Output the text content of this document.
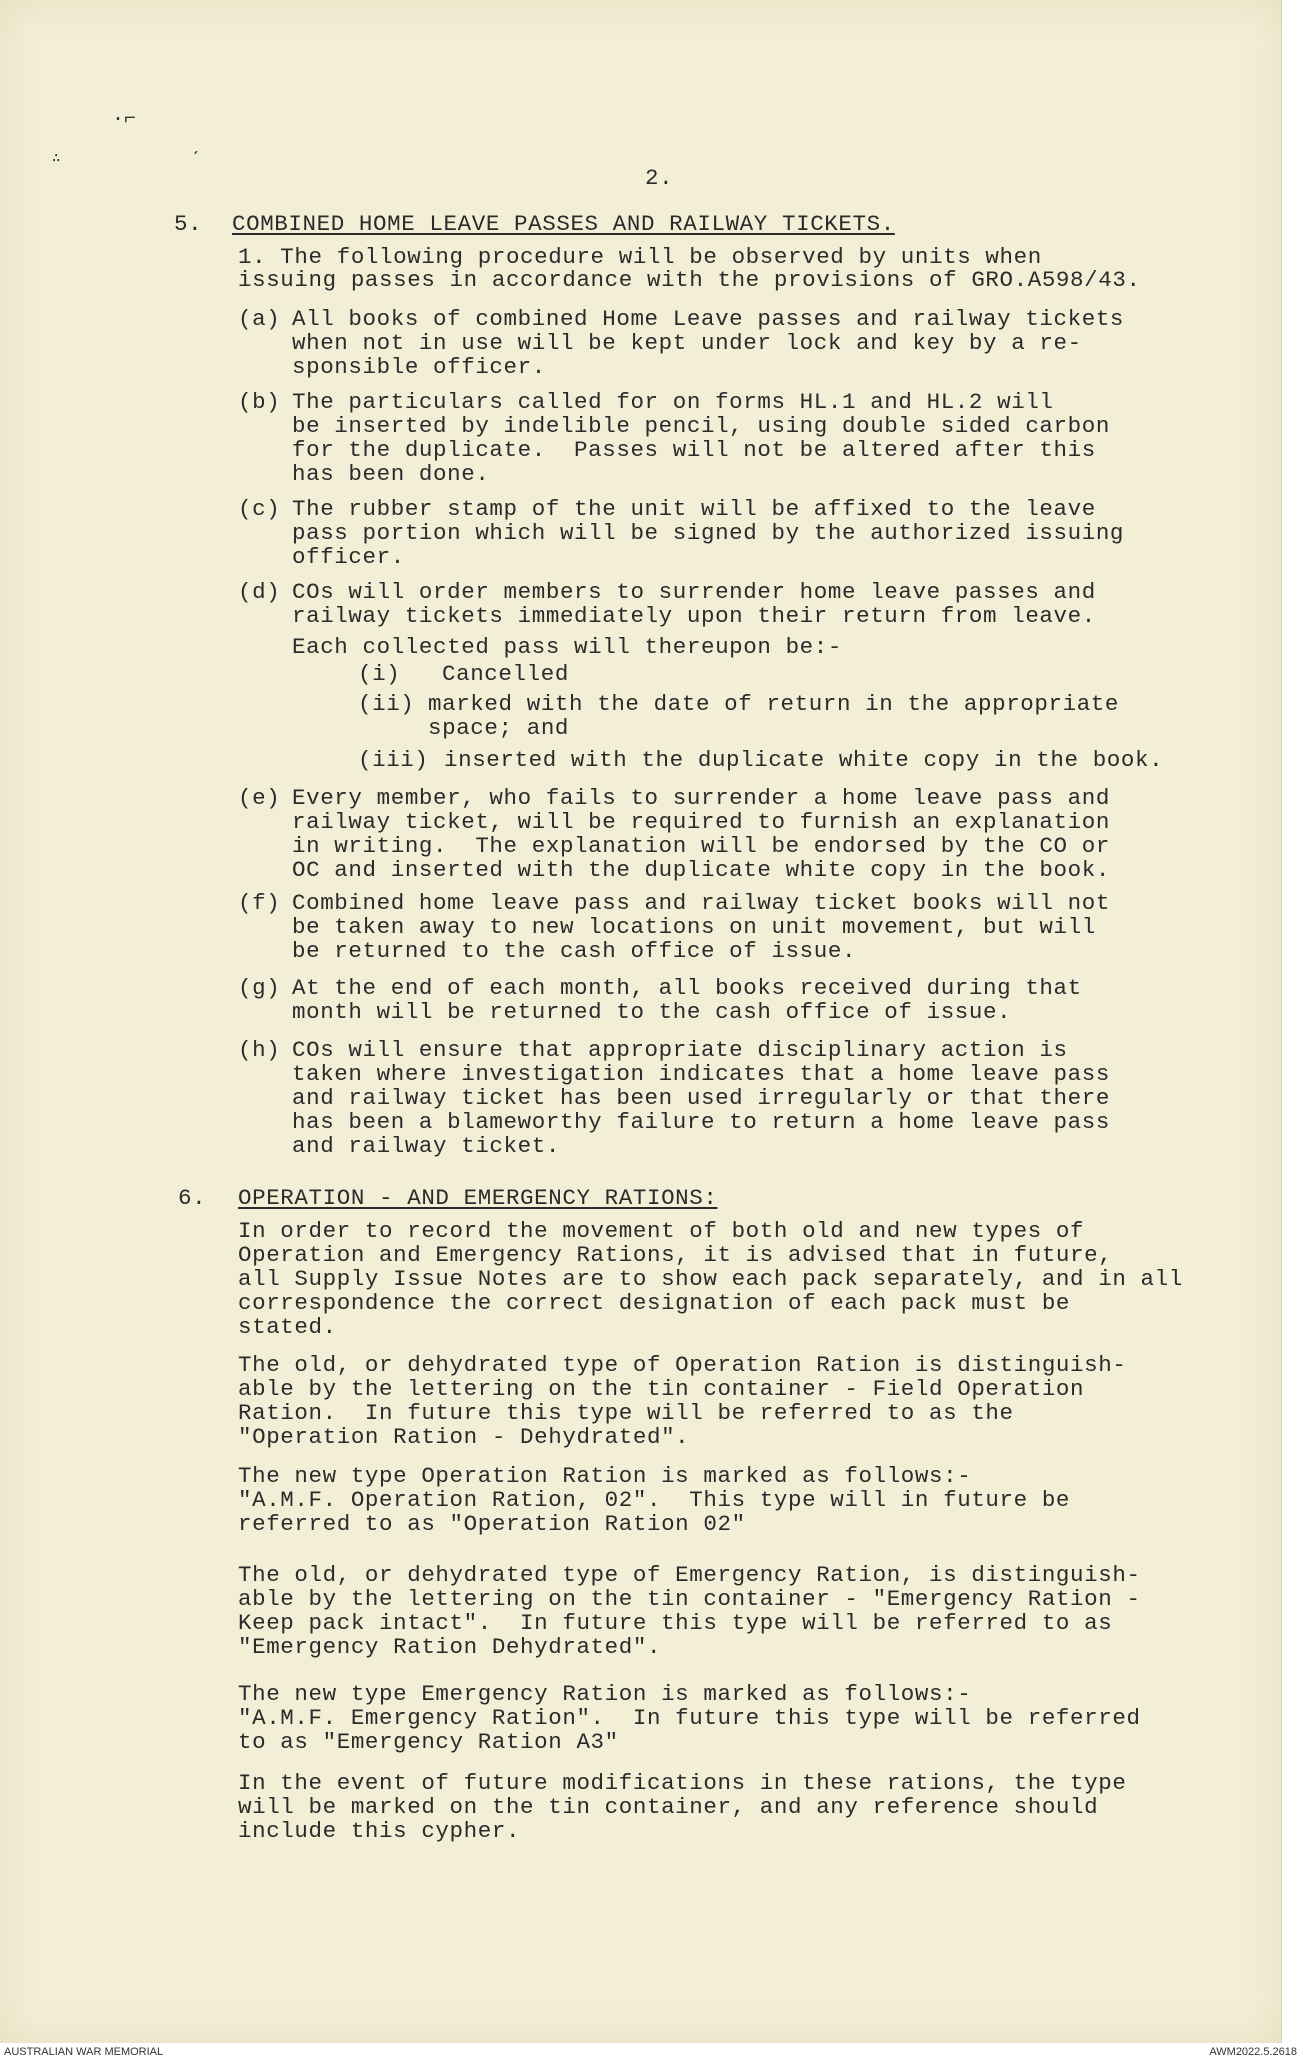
·⌐
∴	ˊ
2.
5. COMBINED HOME LEAVE PASSES AND RAILWAY TICKETS.
1. The following procedure will be observed by units when
issuing passes in accordance with the provisions of GRO.A598/43.
(a) All books of combined Home Leave passes and railway tickets
when not in use will be kept under lock and key by a re-
sponsible officer.
(b) The particulars called for on forms HL.1 and HL.2 will
be inserted by indelible pencil, using double sided carbon
for the duplicate.  Passes will not be altered after this
has been done.
(c) The rubber stamp of the unit will be affixed to the leave
pass portion which will be signed by the authorized issuing
officer.
(d) COs will order members to surrender home leave passes and
railway tickets immediately upon their return from leave.
Each collected pass will thereupon be:-
(i) Cancelled
(ii) marked with the date of return in the appropriate
space; and
(iii) inserted with the duplicate white copy in the book.
(e) Every member, who fails to surrender a home leave pass and
railway ticket, will be required to furnish an explanation
in writing.  The explanation will be endorsed by the CO or
OC and inserted with the duplicate white copy in the book.
(f) Combined home leave pass and railway ticket books will not
be taken away to new locations on unit movement, but will
be returned to the cash office of issue.
(g) At the end of each month, all books received during that
month will be returned to the cash office of issue.
(h) COs will ensure that appropriate disciplinary action is
taken where investigation indicates that a home leave pass
and railway ticket has been used irregularly or that there
has been a blameworthy failure to return a home leave pass
and railway ticket.
6. OPERATION - AND EMERGENCY RATIONS:
In order to record the movement of both old and new types of
Operation and Emergency Rations, it is advised that in future,
all Supply Issue Notes are to show each pack separately, and in all
correspondence the correct designation of each pack must be
stated.
The old, or dehydrated type of Operation Ration is distinguish-
able by the lettering on the tin container - Field Operation
Ration.  In future this type will be referred to as the
"Operation Ration - Dehydrated".
The new type Operation Ration is marked as follows:-
"A.M.F. Operation Ration, 02".  This type will in future be
referred to as "Operation Ration 02"
The old, or dehydrated type of Emergency Ration, is distinguish-
able by the lettering on the tin container - "Emergency Ration -
Keep pack intact".  In future this type will be referred to as
"Emergency Ration Dehydrated".
The new type Emergency Ration is marked as follows:-
"A.M.F. Emergency Ration".  In future this type will be referred
to as "Emergency Ration A3"
In the event of future modifications in these rations, the type
will be marked on the tin container, and any reference should
include this cypher.
AUSTRALIAN WAR MEMORIAL	AWM2022.5.2618
